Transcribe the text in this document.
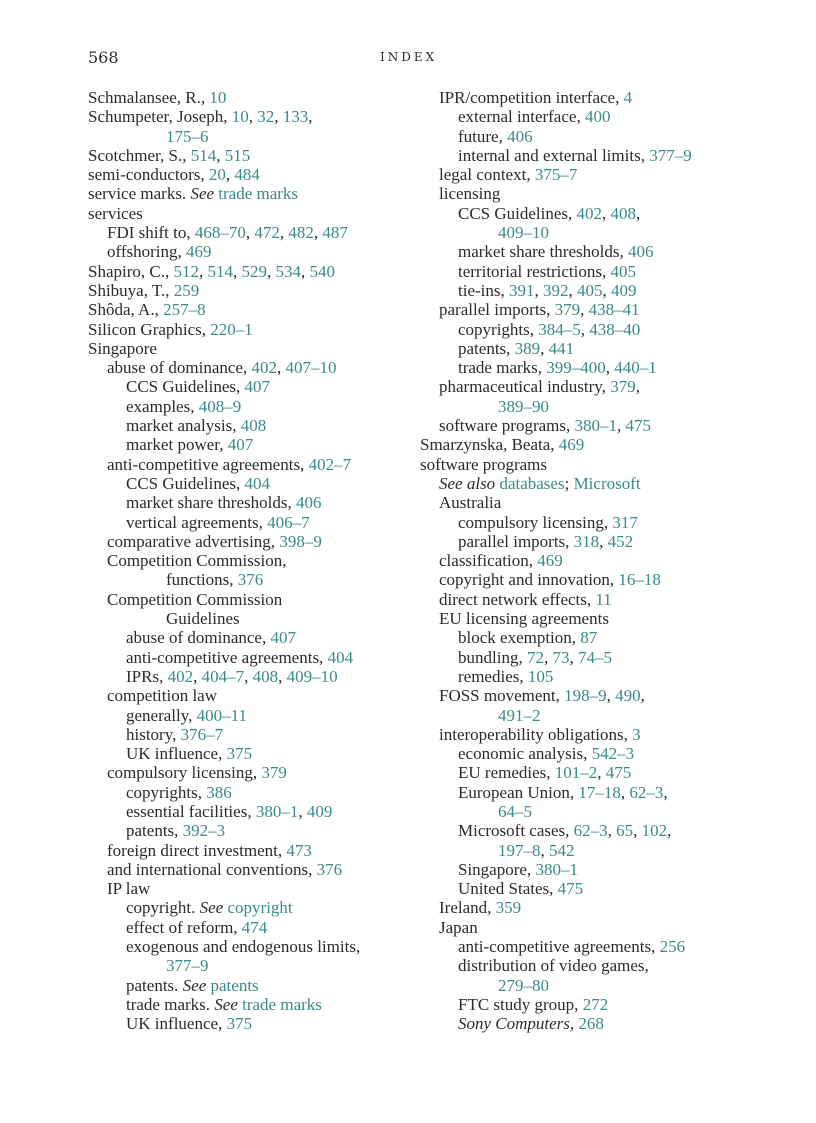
568	INDEX
Schmalansee, R., 10
Schumpeter, Joseph, 10, 32, 133,
175–6
Scotchmer, S., 514, 515
semi-conductors, 20, 484
service marks. See trade marks
services
FDI shift to, 468–70, 472, 482, 487
offshoring, 469
Shapiro, C., 512, 514, 529, 534, 540
Shibuya, T., 259
Shôda, A., 257–8
Silicon Graphics, 220–1
Singapore
abuse of dominance, 402, 407–10
CCS Guidelines, 407
examples, 408–9
market analysis, 408
market power, 407
anti-competitive agreements, 402–7
CCS Guidelines, 404
market share thresholds, 406
vertical agreements, 406–7
comparative advertising, 398–9
Competition Commission,
functions, 376
Competition Commission
Guidelines
abuse of dominance, 407
anti-competitive agreements, 404
IPRs, 402, 404–7, 408, 409–10
competition law
generally, 400–11
history, 376–7
UK influence, 375
compulsory licensing, 379
copyrights, 386
essential facilities, 380–1, 409
patents, 392–3
foreign direct investment, 473
and international conventions, 376
IP law
copyright. See copyright
effect of reform, 474
exogenous and endogenous limits,
377–9
patents. See patents
trade marks. See trade marks
UK influence, 375
IPR/competition interface, 4
external interface, 400
future, 406
internal and external limits, 377–9
legal context, 375–7
licensing
CCS Guidelines, 402, 408,
409–10
market share thresholds, 406
territorial restrictions, 405
tie-ins, 391, 392, 405, 409
parallel imports, 379, 438–41
copyrights, 384–5, 438–40
patents, 389, 441
trade marks, 399–400, 440–1
pharmaceutical industry, 379,
389–90
software programs, 380–1, 475
Smarzynska, Beata, 469
software programs
See also databases; Microsoft
Australia
compulsory licensing, 317
parallel imports, 318, 452
classification, 469
copyright and innovation, 16–18
direct network effects, 11
EU licensing agreements
block exemption, 87
bundling, 72, 73, 74–5
remedies, 105
FOSS movement, 198–9, 490,
491–2
interoperability obligations, 3
economic analysis, 542–3
EU remedies, 101–2, 475
European Union, 17–18, 62–3,
64–5
Microsoft cases, 62–3, 65, 102,
197–8, 542
Singapore, 380–1
United States, 475
Ireland, 359
Japan
anti-competitive agreements, 256
distribution of video games,
279–80
FTC study group, 272
Sony Computers, 268
